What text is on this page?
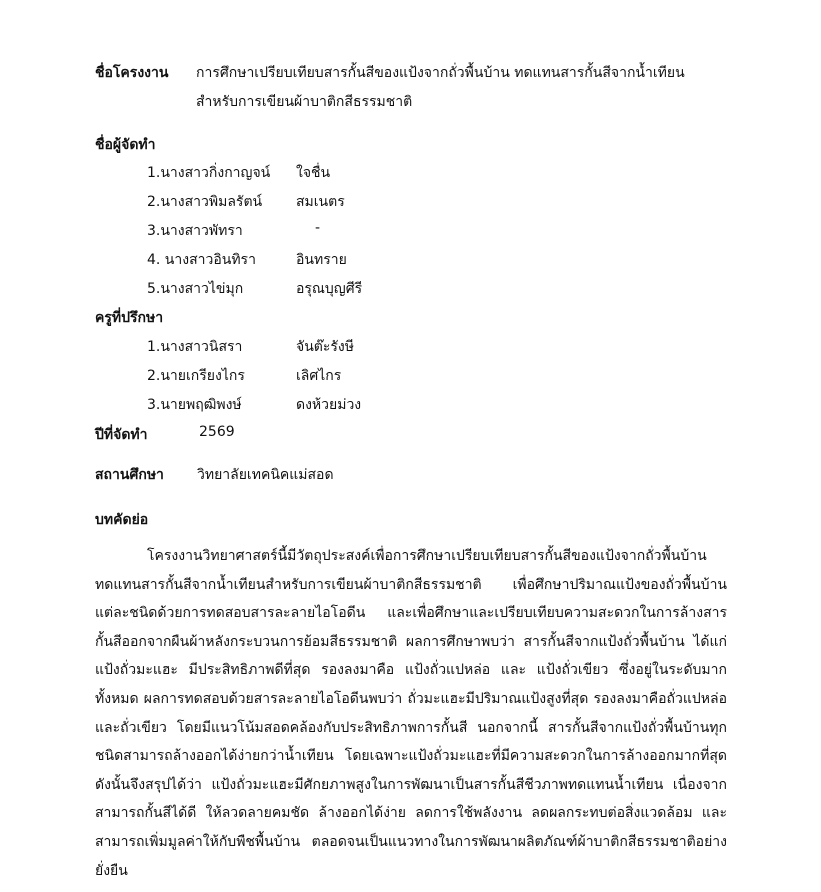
ชื่อโครงงาน การศึกษาเปรียบเทียบสารกั้นสีของแป้งจากถั่วพื้นบ้าน ทดแทนสารกั้นสีจากน้ำเทียน
สำหรับการเขียนผ้าบาติกสีธรรมชาติ
ชื่อผู้จัดทำ
1.นางสาวกิ่งกาญจน์ ใจชื่น
2.นางสาวพิมลรัตน์ สมเนตร
3.นางสาวพัทรา	-
4. นางสาวอินทิรา	อินทราย
5.นางสาวไข่มุก	อรุณบุญศีรี
ครูที่ปรึกษา
1.นางสาวนิสรา	จันต๊ะรังษี
2.นายเกรียงไกร	เลิศไกร
3.นายพฤฒิพงษ์	ดงห้วยม่วง
ปีที่จัดทำ	2569
สถานศึกษา วิทยาลัยเทคนิคแม่สอด
บทคัดย่อ

โครงงานวิทยาศาสตร์นี้มีวัตถุประสงค์เพื่อการศึกษาเปรียบเทียบสารกั้นสีของแป้งจากถั่วพื้นบ้านทดแทนสารกั้นสีจากน้ำเทียนสำหรับการเขียนผ้าบาติกสีธรรมชาติ เพื่อศึกษาปริมาณแป้งของถั่วพื้นบ้านแต่ละชนิดด้วยการทดสอบสารละลายไอโอดีน และเพื่อศึกษาและเปรียบเทียบความสะดวกในการล้างสารกั้นสีออกจากผืนผ้าหลังกระบวนการย้อมสีธรรมชาติ ผลการศึกษาพบว่า สารกั้นสีจากแป้งถั่วพื้นบ้าน ได้แก่ แป้งถั่วมะแฮะ มีประสิทธิภาพดีที่สุด รองลงมาคือ แป้งถั่วแปหล่อ และ แป้งถั่วเขียว ซึ่งอยู่ในระดับมากทั้งหมด ผลการทดสอบด้วยสารละลายไอโอดีนพบว่า ถั่วมะแฮะมีปริมาณแป้งสูงที่สุด รองลงมาคือถั่วแปหล่อ และถั่วเขียว โดยมีแนวโน้มสอดคล้องกับประสิทธิภาพการกั้นสี นอกจากนี้ สารกั้นสีจากแป้งถั่วพื้นบ้านทุกชนิดสามารถล้างออกได้ง่ายกว่าน้ำเทียน โดยเฉพาะแป้งถั่วมะแฮะที่มีความสะดวกในการล้างออกมากที่สุด ดังนั้นจึงสรุปได้ว่า แป้งถั่วมะแฮะมีศักยภาพสูงในการพัฒนาเป็นสารกั้นสีชีวภาพทดแทนน้ำเทียน เนื่องจากสามารถกั้นสีได้ดี ให้ลวดลายคมชัด ล้างออกได้ง่าย ลดการใช้พลังงาน ลดผลกระทบต่อสิ่งแวดล้อม และสามารถเพิ่มมูลค่าให้กับพืชพื้นบ้าน ตลอดจนเป็นแนวทางในการพัฒนาผลิตภัณฑ์ผ้าบาติกสีธรรมชาติอย่างยั่งยืน
